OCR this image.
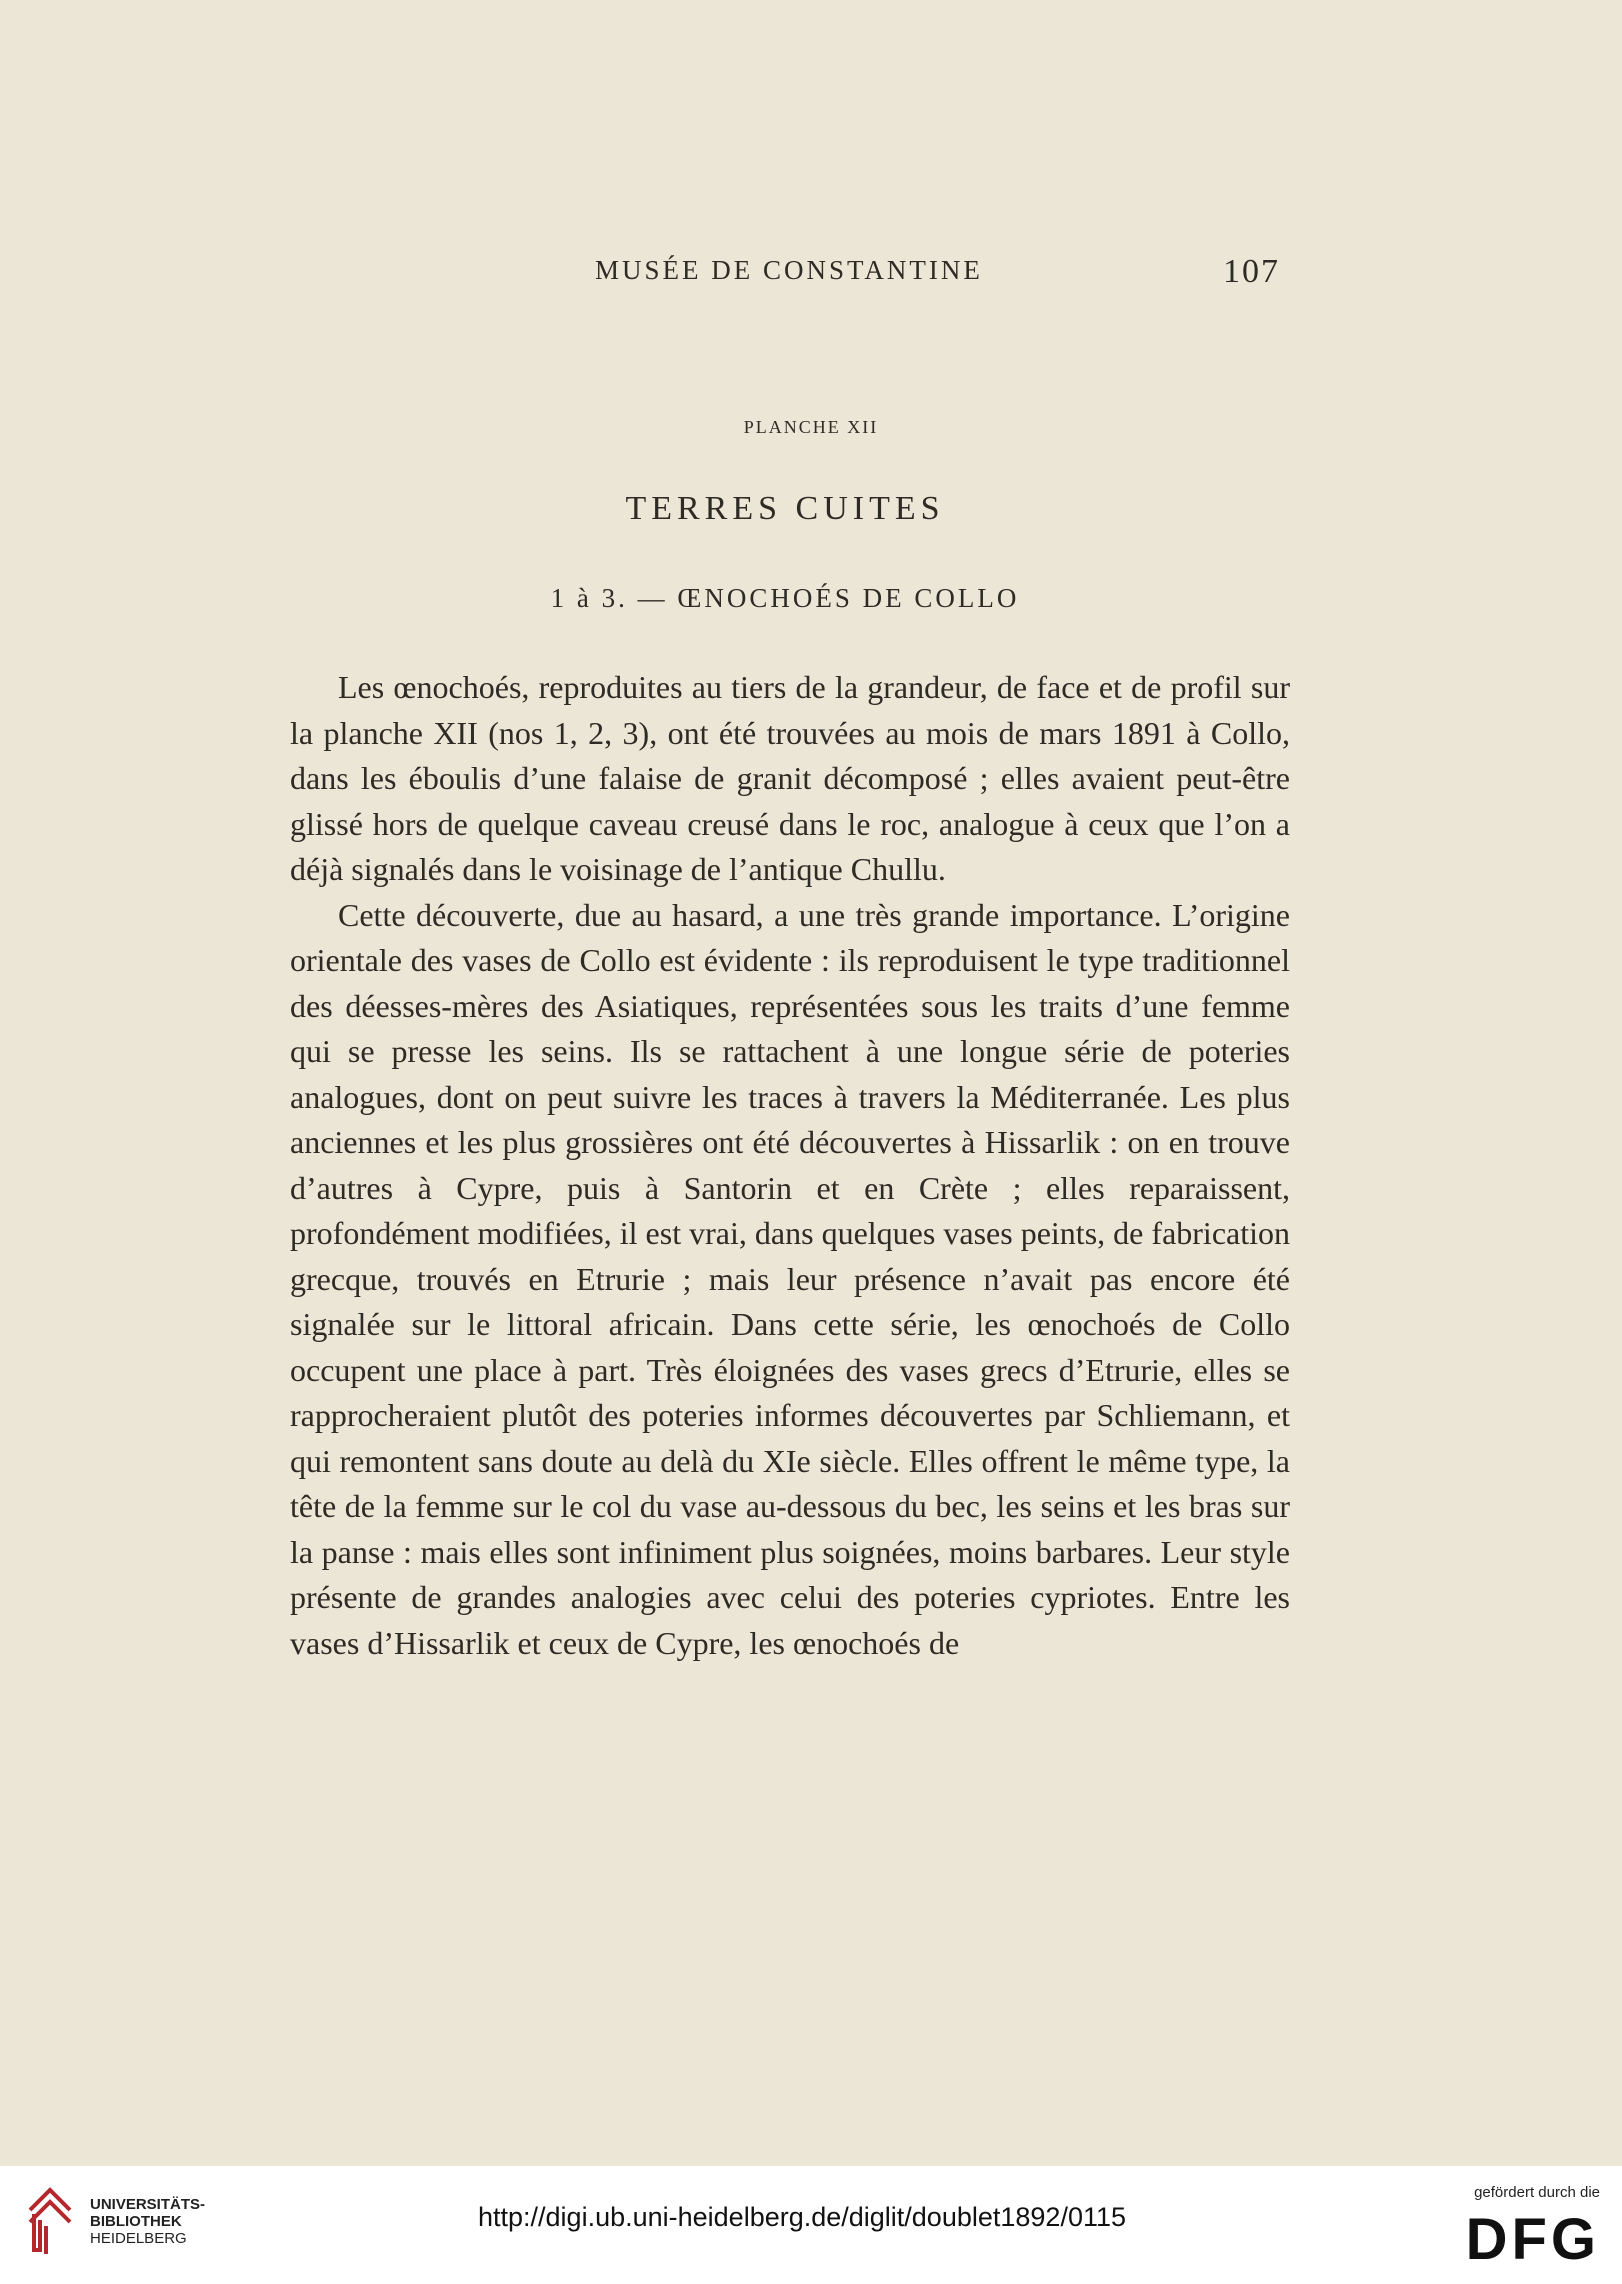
MUSÉE DE CONSTANTINE	107
PLANCHE XII
TERRES CUITES
1 à 3. — ŒNOCHOÉS DE COLLO

Les œnochoés, reproduites au tiers de la grandeur, de face et de profil sur la planche XII (nos 1, 2, 3), ont été trouvées au mois de mars 1891 à Collo, dans les éboulis d’une falaise de granit décomposé ; elles avaient peut-être glissé hors de quelque caveau creusé dans le roc, analogue à ceux que l’on a déjà signalés dans le voisinage de l’antique Chullu.

Cette découverte, due au hasard, a une très grande importance. L’origine orientale des vases de Collo est évidente : ils reproduisent le type traditionnel des déesses-mères des Asiatiques, représentées sous les traits d’une femme qui se presse les seins. Ils se rattachent à une longue série de poteries analogues, dont on peut suivre les traces à travers la Méditerranée. Les plus anciennes et les plus grossières ont été découvertes à Hissarlik : on en trouve d’autres à Cypre, puis à Santorin et en Crète ; elles reparaissent, profondément modifiées, il est vrai, dans quelques vases peints, de fabrication grecque, trouvés en Etrurie ; mais leur présence n’avait pas encore été signalée sur le littoral africain. Dans cette série, les œnochoés de Collo occupent une place à part. Très éloignées des vases grecs d’Etrurie, elles se rapprocheraient plutôt des poteries informes découvertes par Schliemann, et qui remontent sans doute au delà du XIe siècle. Elles offrent le même type, la tête de la femme sur le col du vase au-dessous du bec, les seins et les bras sur la panse : mais elles sont infiniment plus soignées, moins barbares. Leur style présente de grandes analogies avec celui des poteries cypriotes. Entre les vases d’Hissarlik et ceux de Cypre, les œnochoés de

UNIVERSITÄTS-
BIBLIOTHEK
HEIDELBERG
http://digi.ub.uni-heidelberg.de/diglit/doublet1892/0115
gefördert durch die
DFG
